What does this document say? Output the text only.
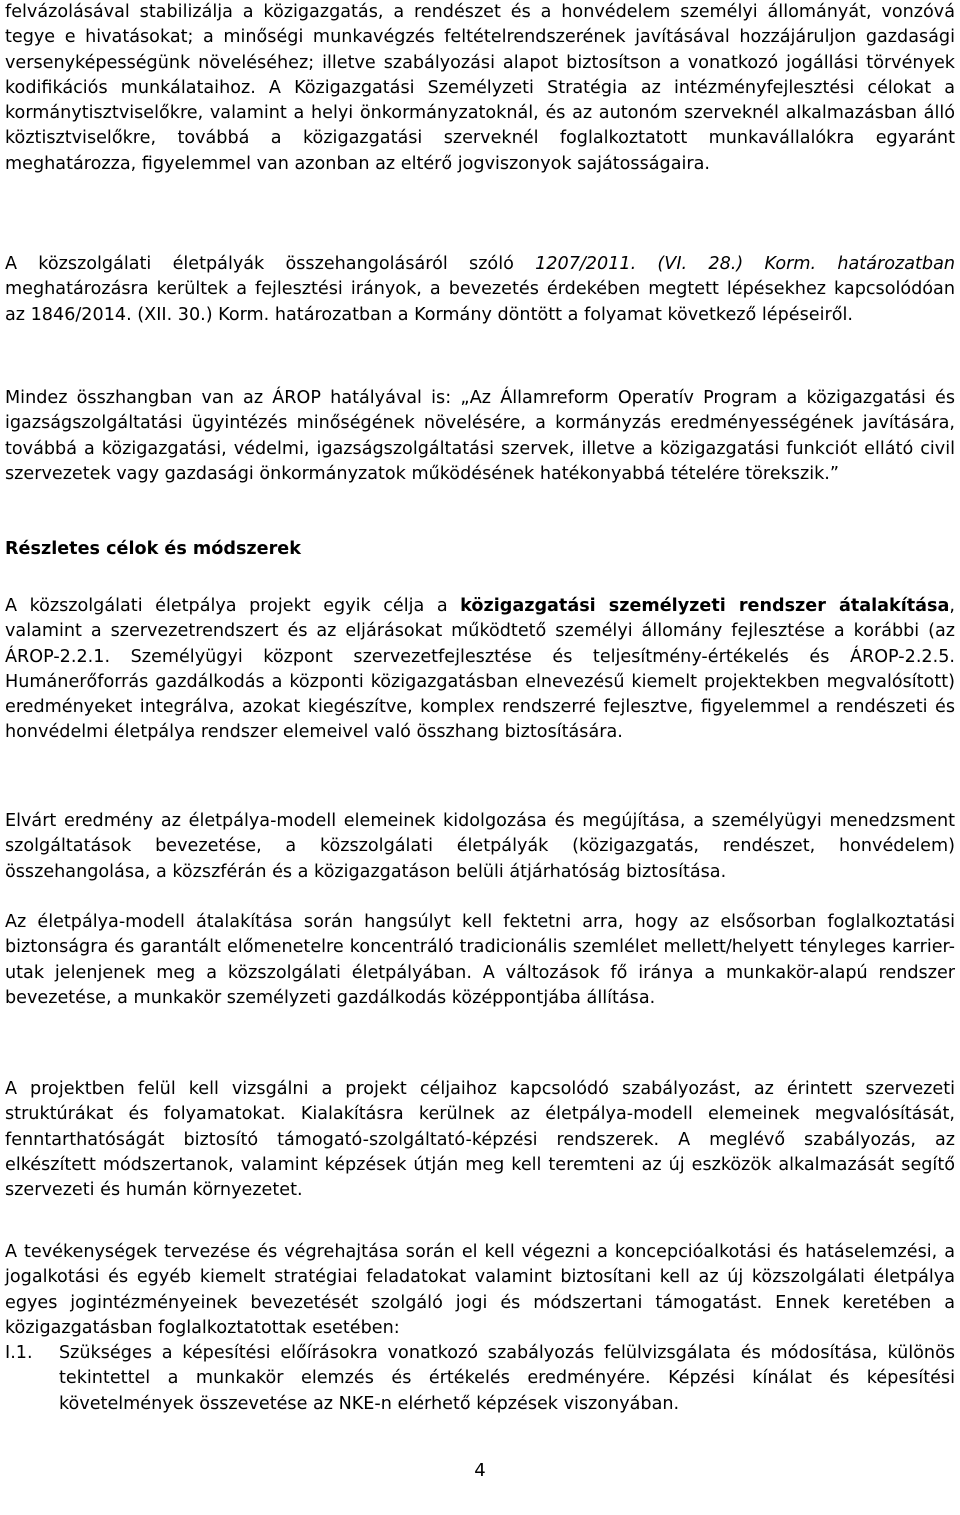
felvázolásával stabilizálja a közigazgatás, a rendészet és a honvédelem személyi állományát, vonzóvá tegye e hivatásokat; a minőségi munkavégzés feltételrendszerének javításával hozzájáruljon gazdasági versenyképességünk növeléséhez; illetve szabályozási alapot biztosítson a vonatkozó jogállási törvények kodifikációs munkálataihoz. A Közigazgatási Személyzeti Stratégia az intézményfejlesztési célokat a kormánytisztviselőkre, valamint a helyi önkormányzatoknál, és az autonóm szerveknél alkalmazásban álló köztisztviselőkre, továbbá a közigazgatási szerveknél foglalkoztatott munkavállalókra egyaránt meghatározza, figyelemmel van azonban az eltérő jogviszonyok sajátosságaira.

A közszolgálati életpályák összehangolásáról szóló 1207/2011. (VI. 28.) Korm. határozatban meghatározásra kerültek a fejlesztési irányok, a bevezetés érdekében megtett lépésekhez kapcsolódóan az 1846/2014. (XII. 30.) Korm. határozatban a Kormány döntött a folyamat következő lépéseiről.

Mindez összhangban van az ÁROP hatályával is: „Az Államreform Operatív Program a közigazgatási és igazságszolgáltatási ügyintézés minőségének növelésére, a kormányzás eredményességének javítására, továbbá a közigazgatási, védelmi, igazságszolgáltatási szervek, illetve a közigazgatási funkciót ellátó civil szervezetek vagy gazdasági önkormányzatok működésének hatékonyabbá tételére törekszik.”

Részletes célok és módszerek

A közszolgálati életpálya projekt egyik célja a közigazgatási személyzeti rendszer átalakítása, valamint a szervezetrendszert és az eljárásokat működtető személyi állomány fejlesztése a korábbi (az ÁROP-2.2.1. Személyügyi központ szervezetfejlesztése és teljesítmény-értékelés és ÁROP-2.2.5. Humánerőforrás gazdálkodás a központi közigazgatásban elnevezésű kiemelt projektekben megvalósított) eredményeket integrálva, azokat kiegészítve, komplex rendszerré fejlesztve, figyelemmel a rendészeti és honvédelmi életpálya rendszer elemeivel való összhang biztosítására.

Elvárt eredmény az életpálya-modell elemeinek kidolgozása és megújítása, a személyügyi menedzsment szolgáltatások bevezetése, a közszolgálati életpályák (közigazgatás, rendészet, honvédelem) összehangolása, a közszférán és a közigazgatáson belüli átjárhatóság biztosítása.

Az életpálya-modell átalakítása során hangsúlyt kell fektetni arra, hogy az elsősorban foglalkoztatási biztonságra és garantált előmenetelre koncentráló tradicionális szemlélet mellett/helyett tényleges karrier-utak jelenjenek meg a közszolgálati életpályában. A változások fő iránya a munkakör-alapú rendszer bevezetése, a munkakör személyzeti gazdálkodás középpontjába állítása.

A projektben felül kell vizsgálni a projekt céljaihoz kapcsolódó szabályozást, az érintett szervezeti struktúrákat és folyamatokat. Kialakításra kerülnek az életpálya-modell elemeinek megvalósítását, fenntarthatóságát biztosító támogató-szolgáltató-képzési rendszerek. A meglévő szabályozás, az elkészített módszertanok, valamint képzések útján meg kell teremteni az új eszközök alkalmazását segítő szervezeti és humán környezetet.

A tevékenységek tervezése és végrehajtása során el kell végezni a koncepcióalkotási és hatáselemzési, a jogalkotási és egyéb kiemelt stratégiai feladatokat valamint biztosítani kell az új közszolgálati életpálya egyes jogintézményeinek bevezetését szolgáló jogi és módszertani támogatást. Ennek keretében a közigazgatásban foglalkoztatottak esetében:

I.1.	Szükséges a képesítési előírásokra vonatkozó szabályozás felülvizsgálata és módosítása, különös tekintettel a munkakör elemzés és értékelés eredményére. Képzési kínálat és képesítési követelmények összevetése az NKE-n elérhető képzések viszonyában.

4
